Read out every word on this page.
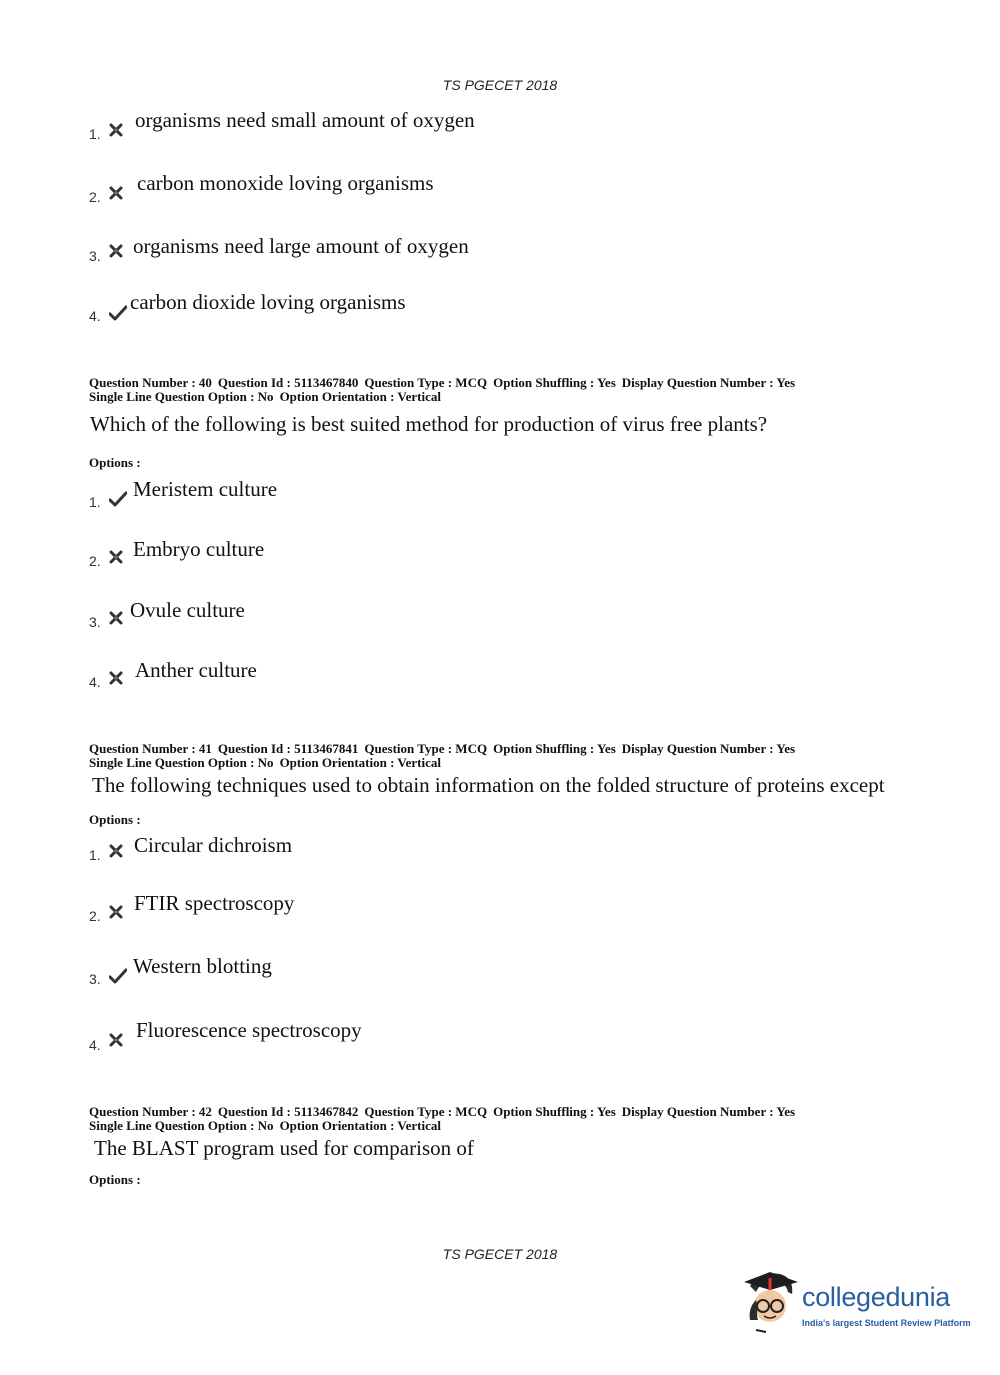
TS PGECET 2018
1.
organisms need small amount of oxygen
2.
carbon monoxide loving organisms
3. organisms need large amount of oxygen
4.
carbon dioxide loving organisms
Question Number : 40 Question Id : 5113467840 Question Type : MCQ Option Shuffling : Yes Display Question Number : Yes
Single Line Question Option : No Option Orientation : Vertical
Which of the following is best suited method for production of virus free plants?
Options :
1.
Meristem culture
2. Embryo culture
3. Ovule culture
4. Anther culture
Question Number : 41 Question Id : 5113467841 Question Type : MCQ Option Shuffling : Yes Display Question Number : Yes
Single Line Question Option : No Option Orientation : Vertical
The following techniques used to obtain information on the folded structure of proteins except
Options :
1. Circular dichroism
2.
FTIR spectroscopy
3.
Western blotting
4.
Fluorescence spectroscopy
Question Number : 42 Question Id : 5113467842 Question Type : MCQ Option Shuffling : Yes Display Question Number : Yes
Single Line Question Option : No Option Orientation : Vertical
The BLAST program used for comparison of
Options :
TS PGECET 2018
collegedunia
India's largest Student Review Platform
